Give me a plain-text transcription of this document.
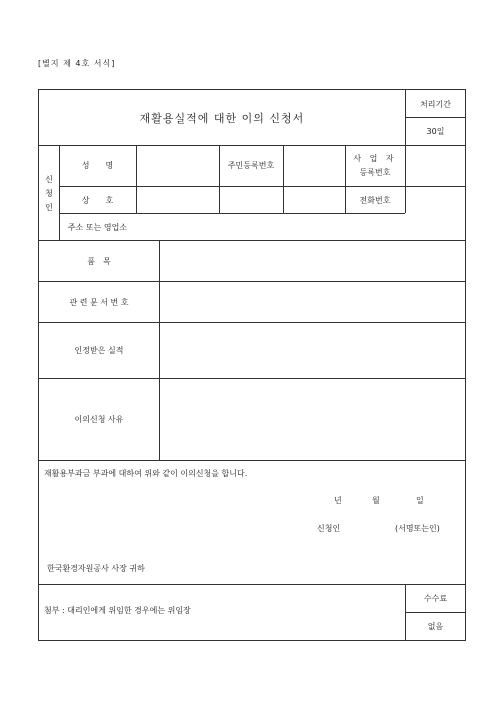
[별지 제 4호 서식]
재활용실적에 대한 이의 신청서
처리기간
30일
신
청
인
성　　명	주민등록번호
사 업 자
등록번호
상　　호	전화번호
주소 또는 영업소
품　목
관 련 문 서 번 호
인정받은 실적
이의신청 사유
재활용부과금 부과에 대하여 위와 같이 이의신청을 합니다.
년	월	일
신청인	(서명또는인)
한국환경자원공사 사장 귀하
첨부 : 대리인에게 위임한 경우에는 위임장
수수료
없음
